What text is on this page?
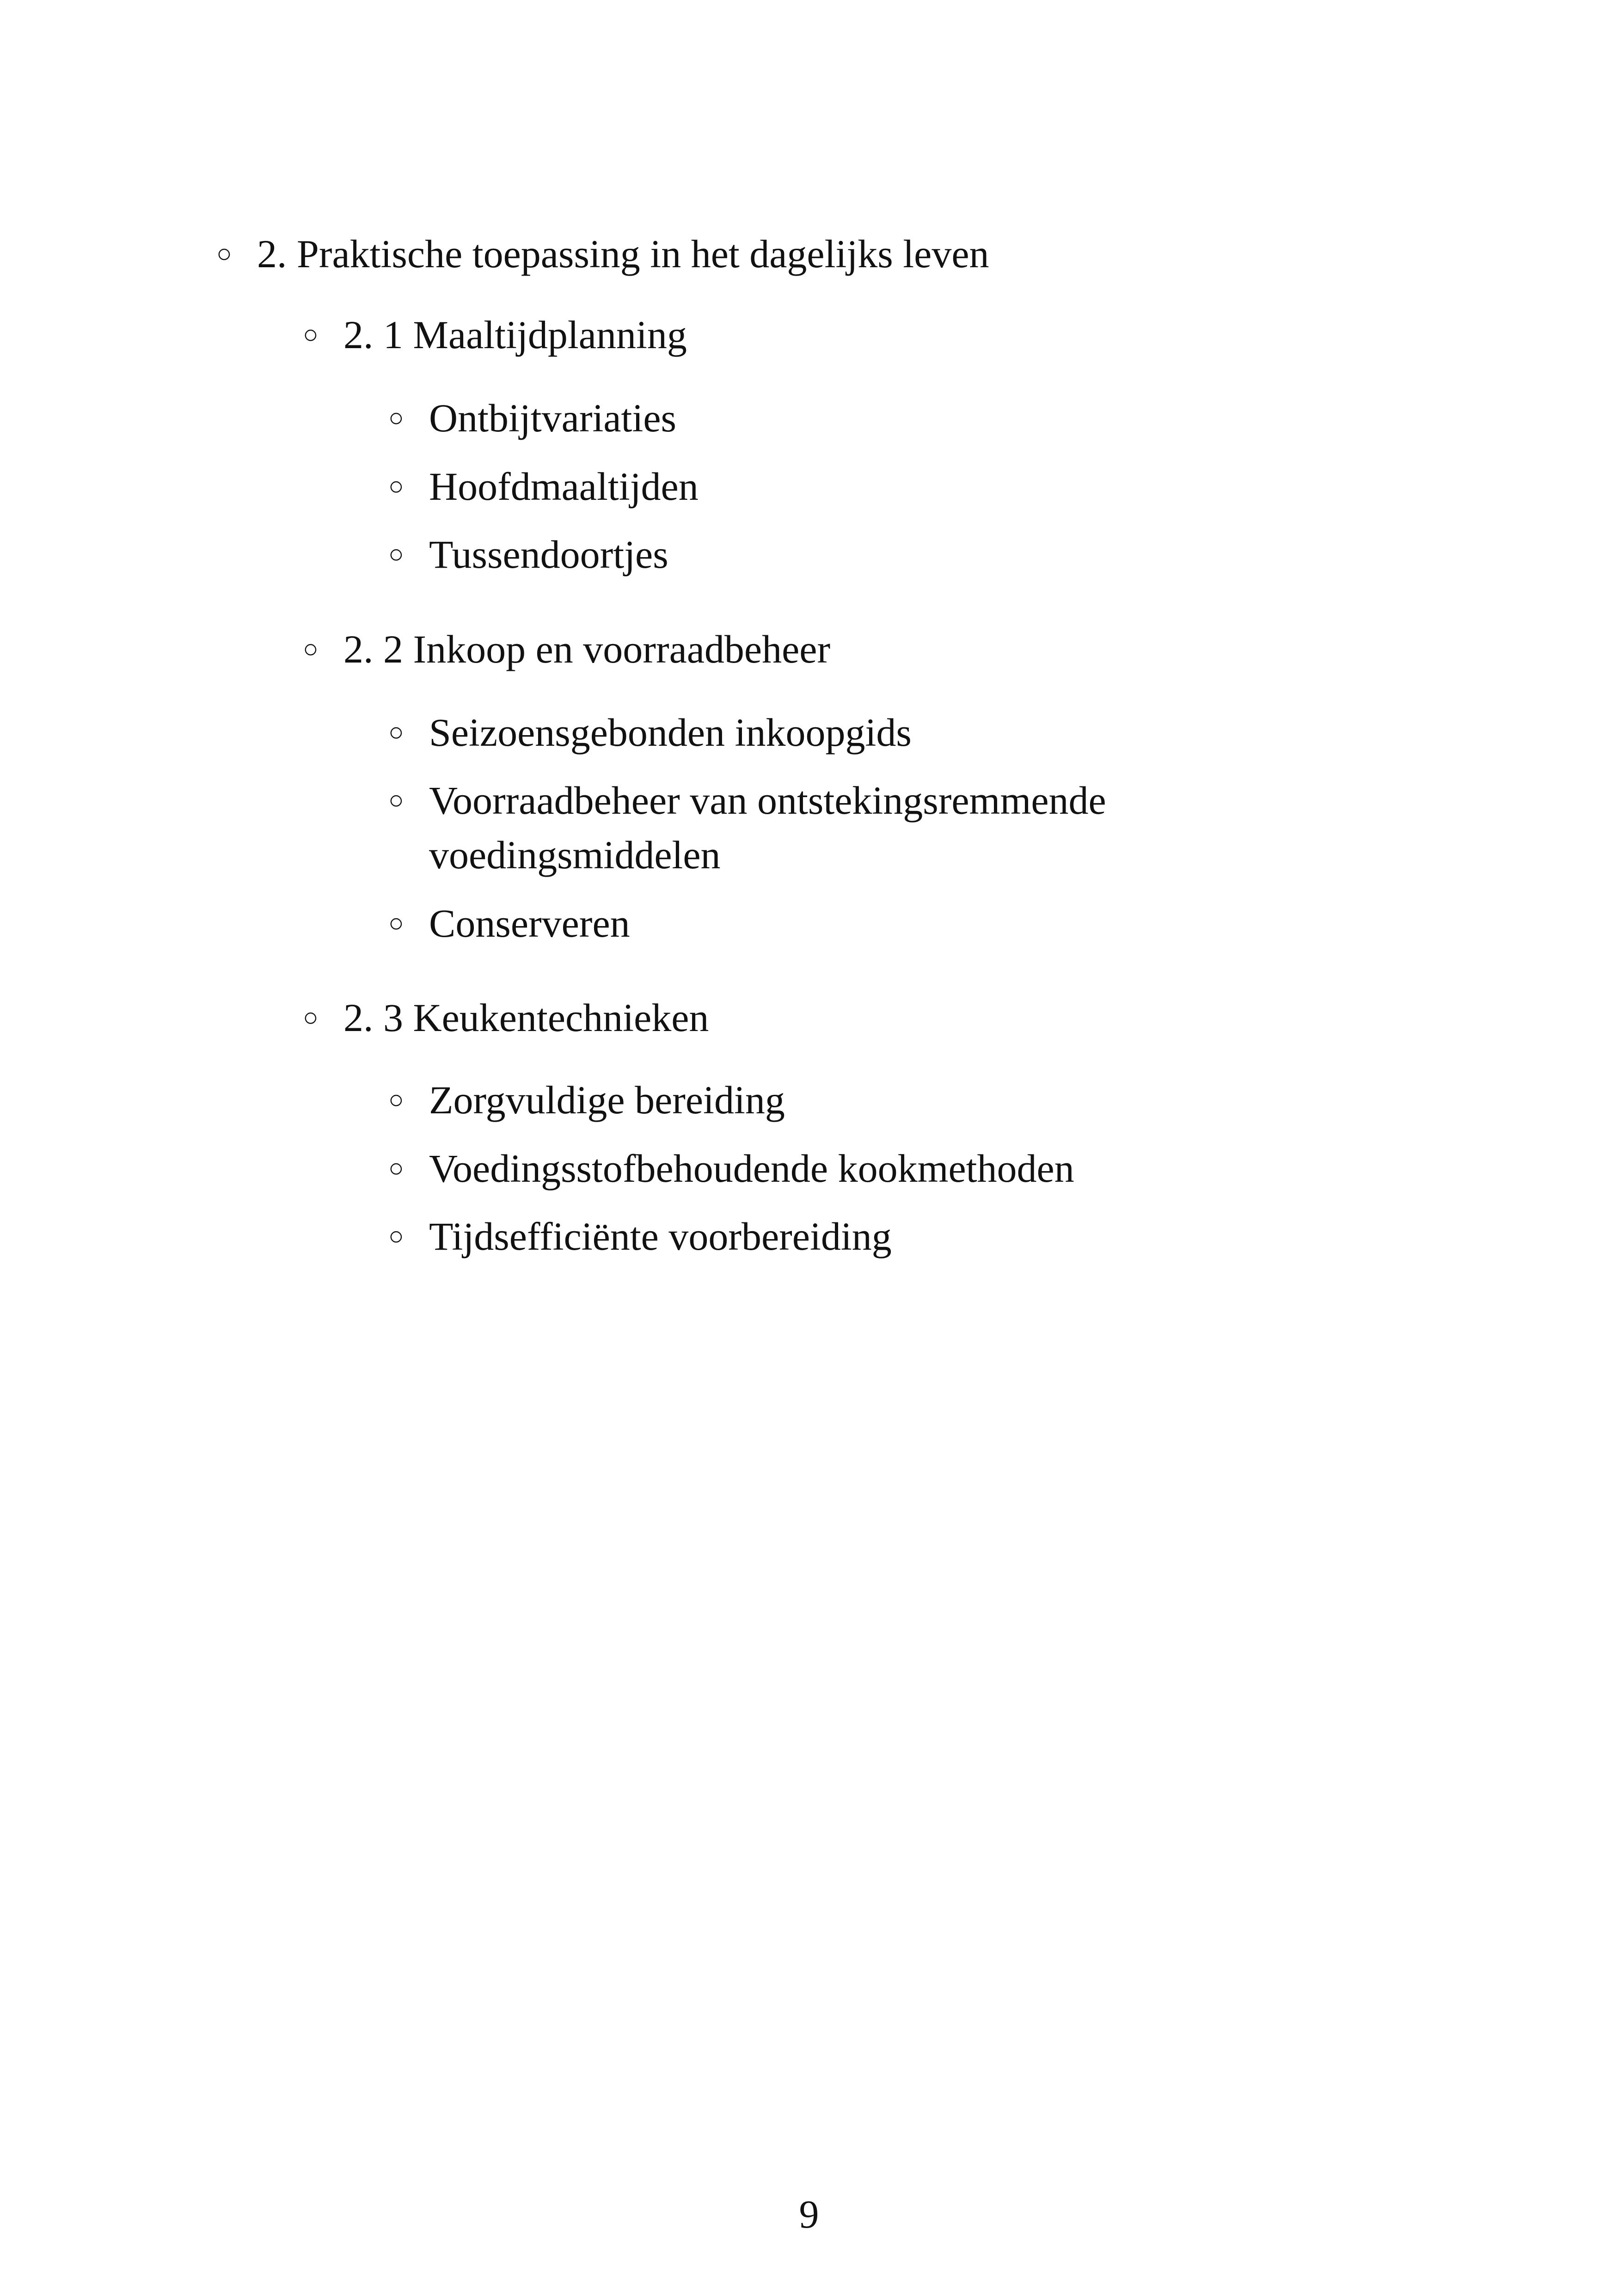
○ 2. Praktische toepassing in het dagelijks leven
○ 2. 1 Maaltijdplanning
○ Ontbijtvariaties
○ Hoofdmaaltijden
○ Tussendoortjes
○ 2. 2 Inkoop en voorraadbeheer
○ Seizoensgebonden inkoopgids
○ Voorraadbeheer van ontstekingsremmende voedingsmiddelen
○ Conserveren
○ 2. 3 Keukentechnieken
○ Zorgvuldige bereiding
○ Voedingsstofbehoudende kookmethoden
○ Tijdsefficiënte voorbereiding
9
